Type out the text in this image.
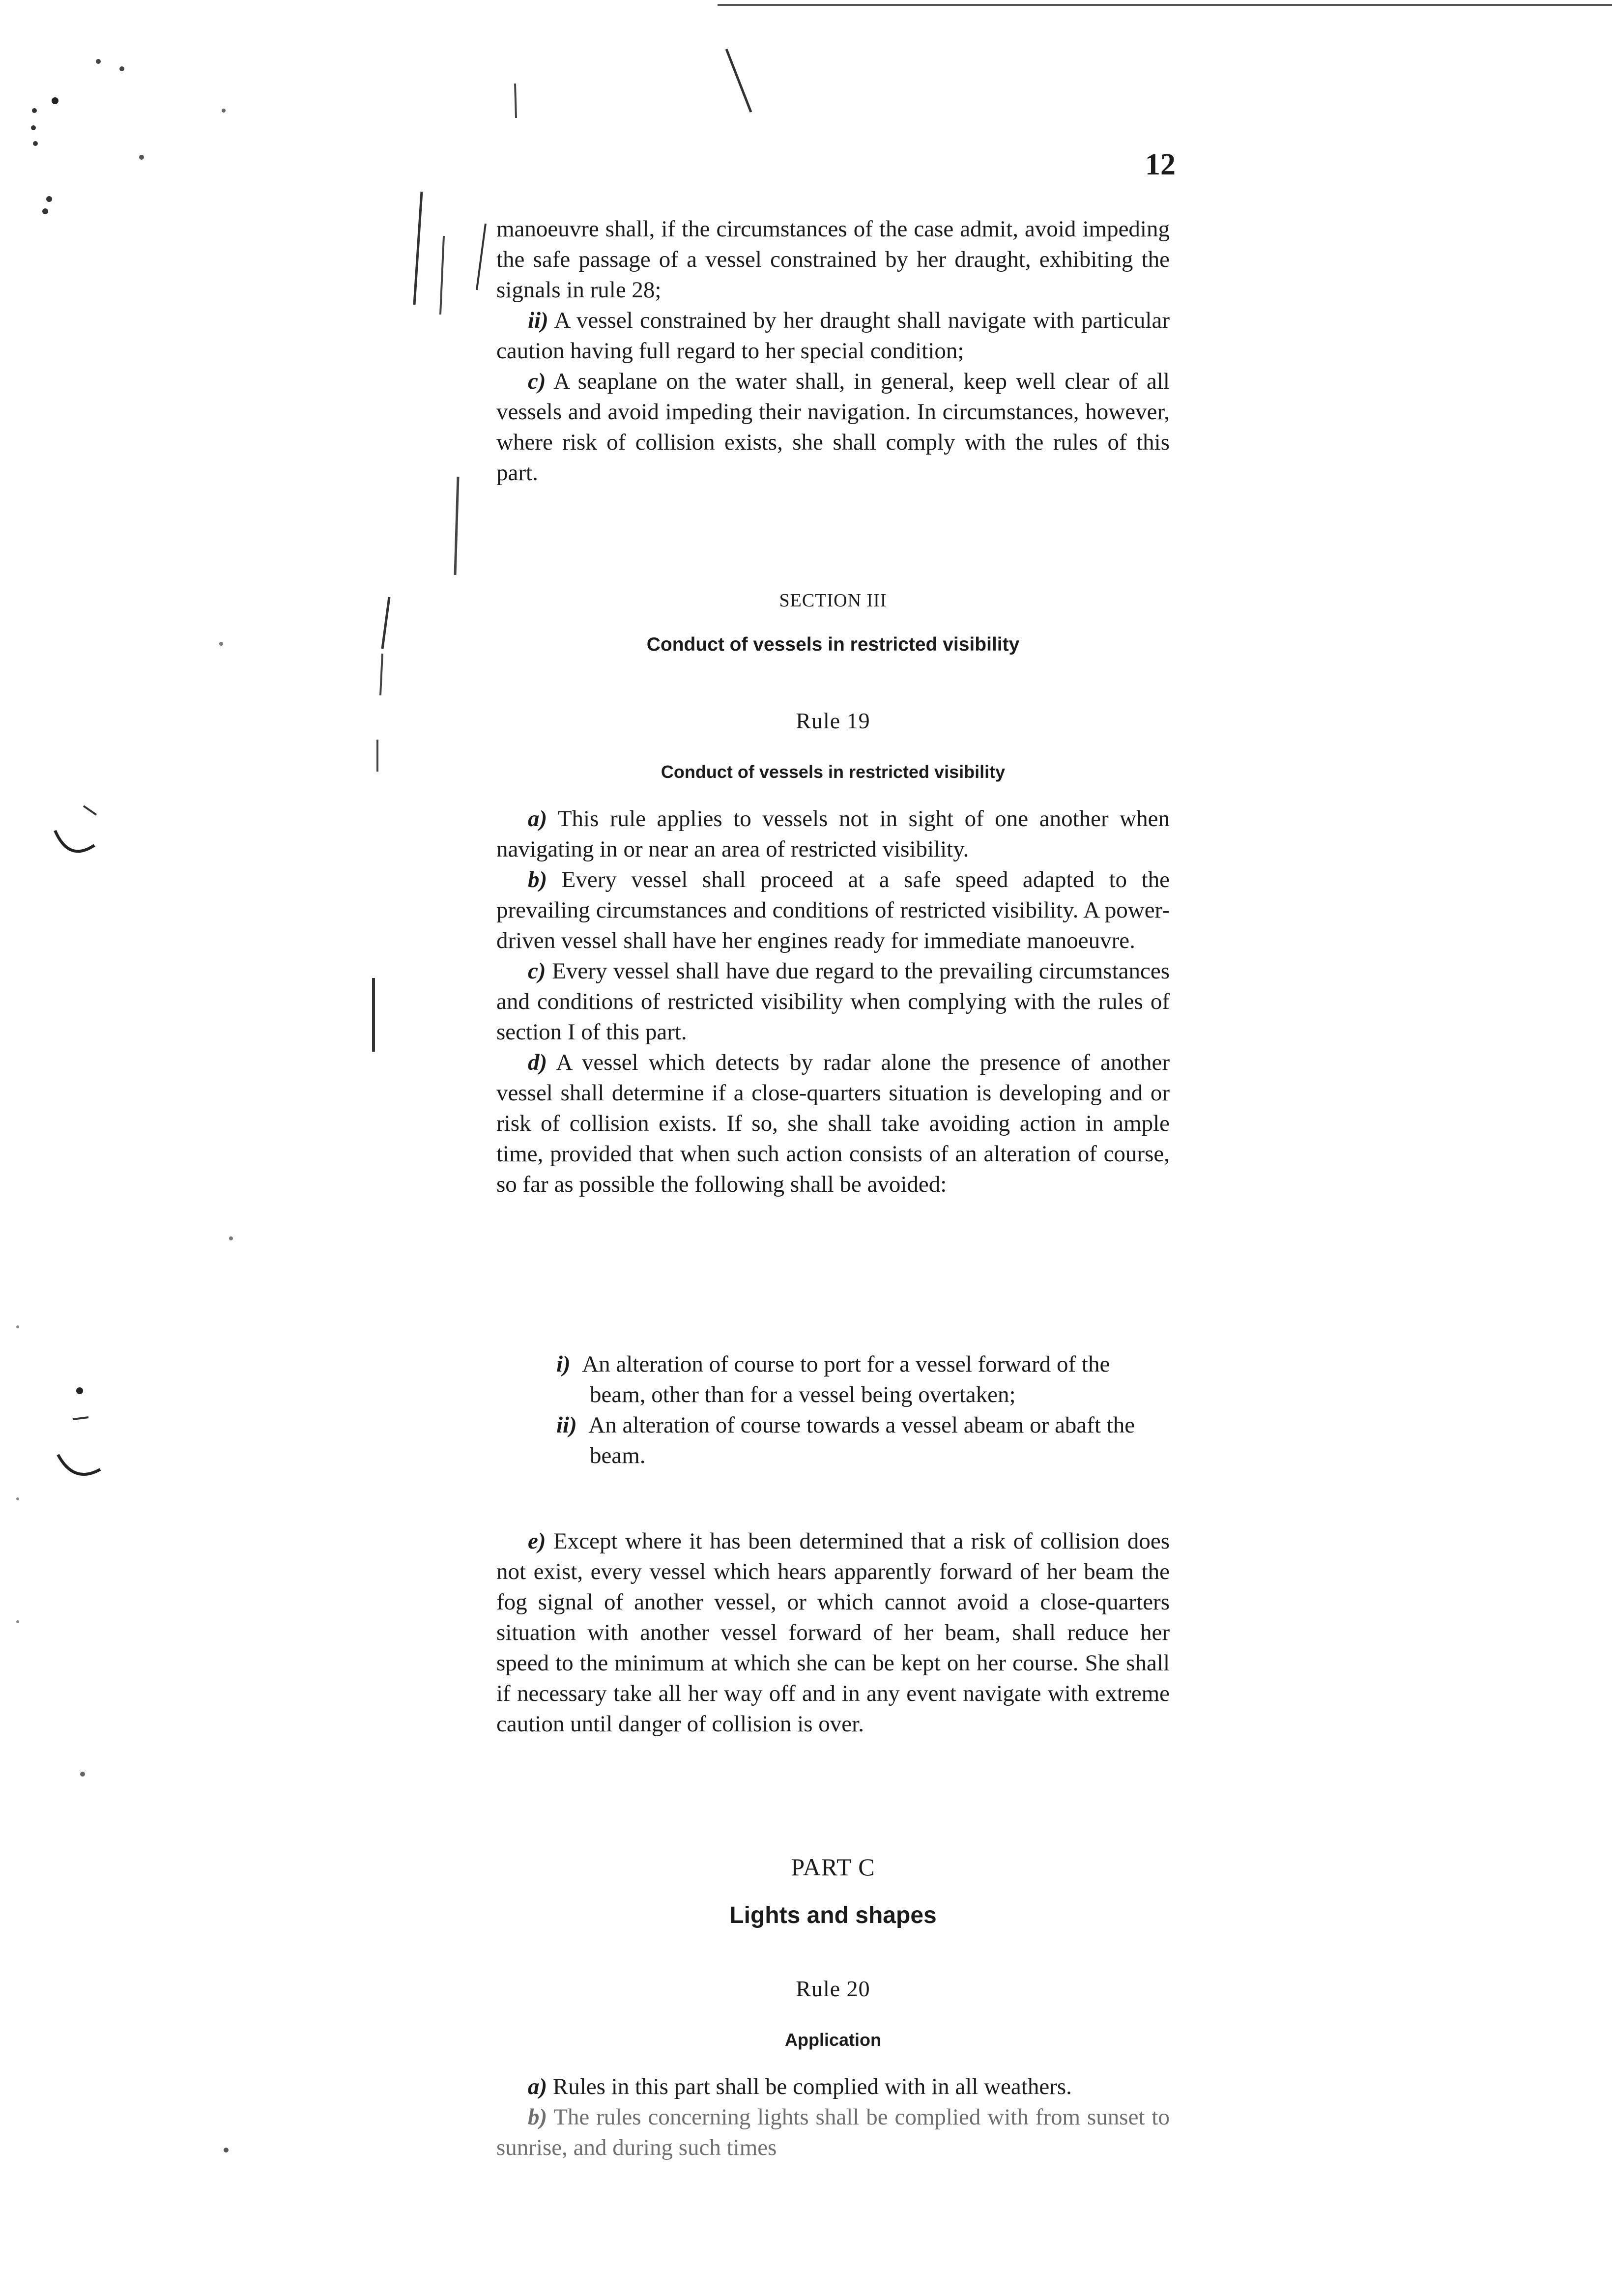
12

manoeuvre shall, if the circumstances of the case admit, avoid impeding the safe passage of a vessel constrained by her draught, exhibiting the signals in rule 28;

ii) A vessel constrained by her draught shall navigate with particular caution having full regard to her special condition;

c) A seaplane on the water shall, in general, keep well clear of all vessels and avoid impeding their navigation. In circumstances, however, where risk of collision exists, she shall comply with the rules of this part.

SECTION III

Conduct of vessels in restricted visibility

Rule 19

Conduct of vessels in restricted visibility

a) This rule applies to vessels not in sight of one another when navigating in or near an area of restricted visibility.

b) Every vessel shall proceed at a safe speed adapted to the prevailing circumstances and conditions of restricted visibility. A power-driven vessel shall have her engines ready for immediate manoeuvre.

c) Every vessel shall have due regard to the prevailing circumstances and conditions of restricted visibility when complying with the rules of section I of this part.

d) A vessel which detects by radar alone the presence of another vessel shall determine if a close-quarters situation is developing and or risk of collision exists. If so, she shall take avoiding action in ample time, provided that when such action consists of an alteration of course, so far as possible the following shall be avoided:

i) An alteration of course to port for a vessel forward of the beam, other than for a vessel being overtaken;

ii) An alteration of course towards a vessel abeam or abaft the beam.

e) Except where it has been determined that a risk of collision does not exist, every vessel which hears apparently forward of her beam the fog signal of another vessel, or which cannot avoid a close-quarters situation with another vessel forward of her beam, shall reduce her speed to the minimum at which she can be kept on her course. She shall if necessary take all her way off and in any event navigate with extreme caution until danger of collision is over.

PART C

Lights and shapes

Rule 20

Application

a) Rules in this part shall be complied with in all weathers.

b) The rules concerning lights shall be complied with from sunset to sunrise, and during such times
